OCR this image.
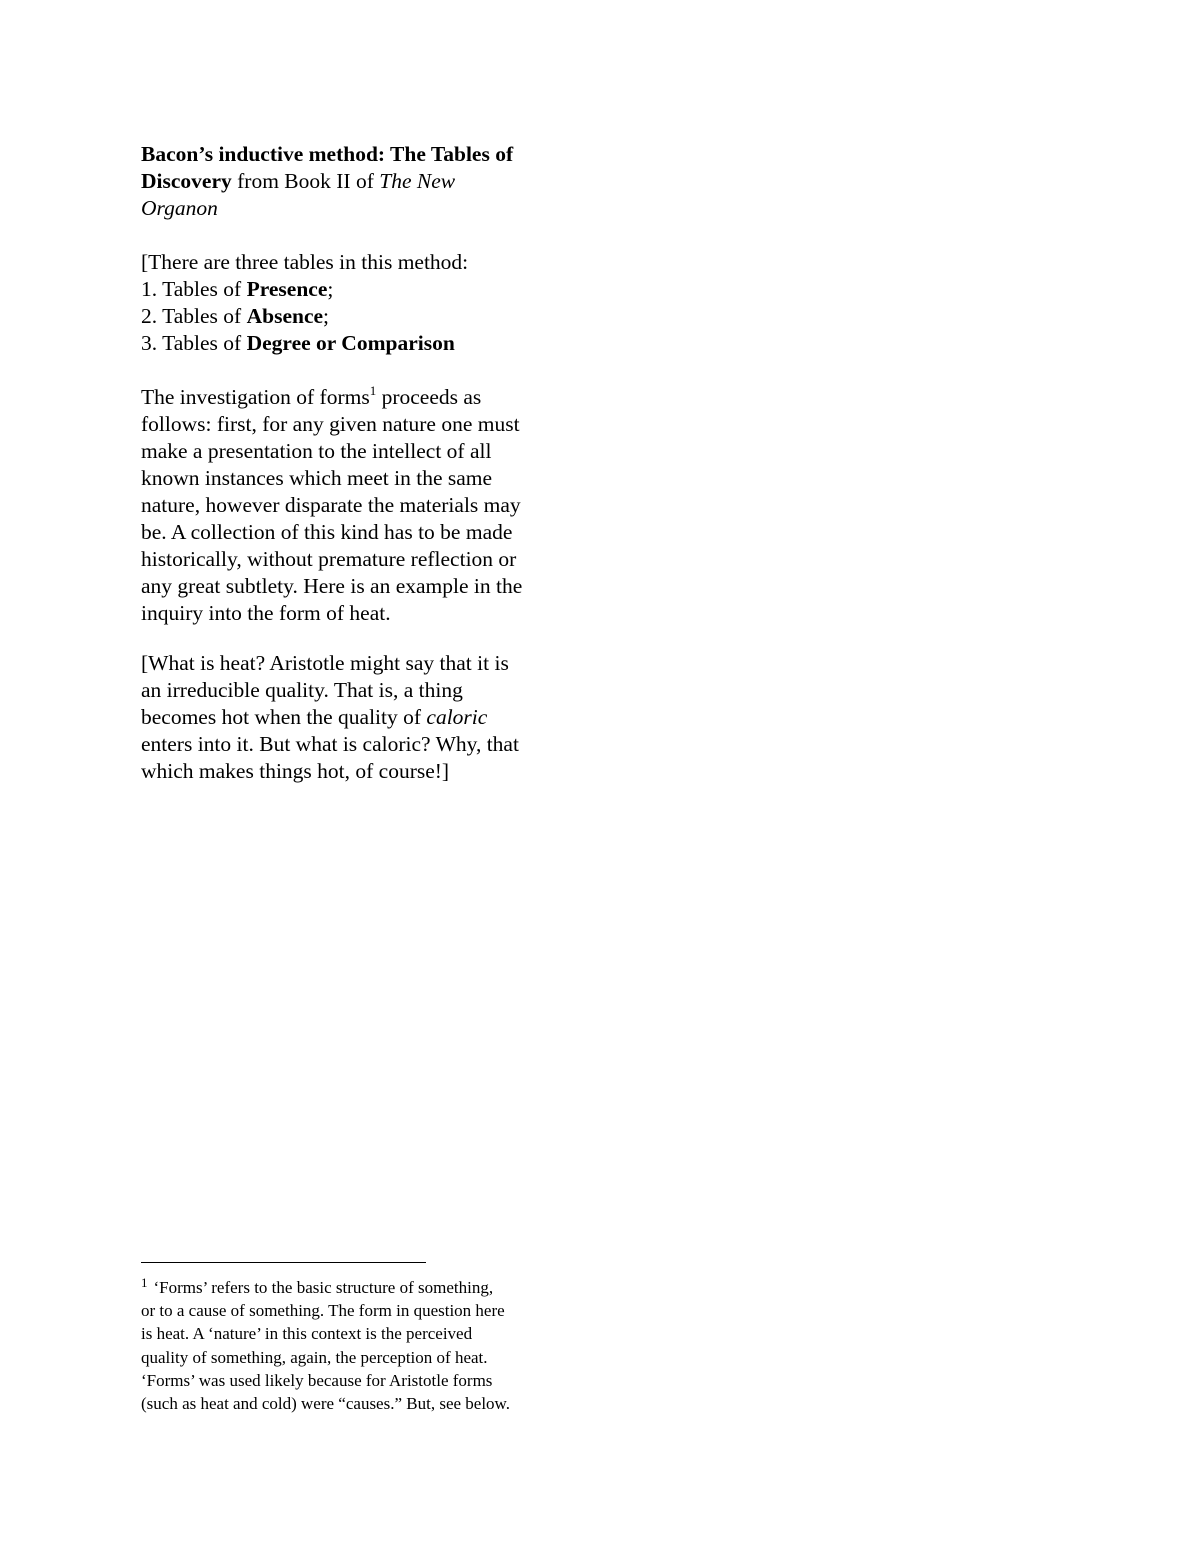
Bacon’s inductive method: The Tables of Discovery from Book II of The New
Organon

[There are three tables in this method:
1. Tables of Presence;
2. Tables of Absence;
3. Tables of Degree or Comparison

The investigation of forms$^1$ proceeds as
follows: first, for any given nature one must
make a presentation to the intellect of all
known instances which meet in the same
nature, however disparate the materials may
be. A collection of this kind has to be made
historically, without premature reflection or
any great subtlety. Here is an example in the
inquiry into the form of heat.

[What is heat? Aristotle might say that it is
an irreducible quality. That is, a thing
becomes hot when the quality of caloric
enters into it. But what is caloric? Why, that
which makes things hot, of course!]

$^1$ ‘Forms’ refers to the basic structure of something,
or to a cause of something. The form in question here
is heat. A ‘nature’ in this context is the perceived
quality of something, again, the perception of heat.
‘Forms’ was used likely because for Aristotle forms
(such as heat and cold) were “causes.” But, see below.
